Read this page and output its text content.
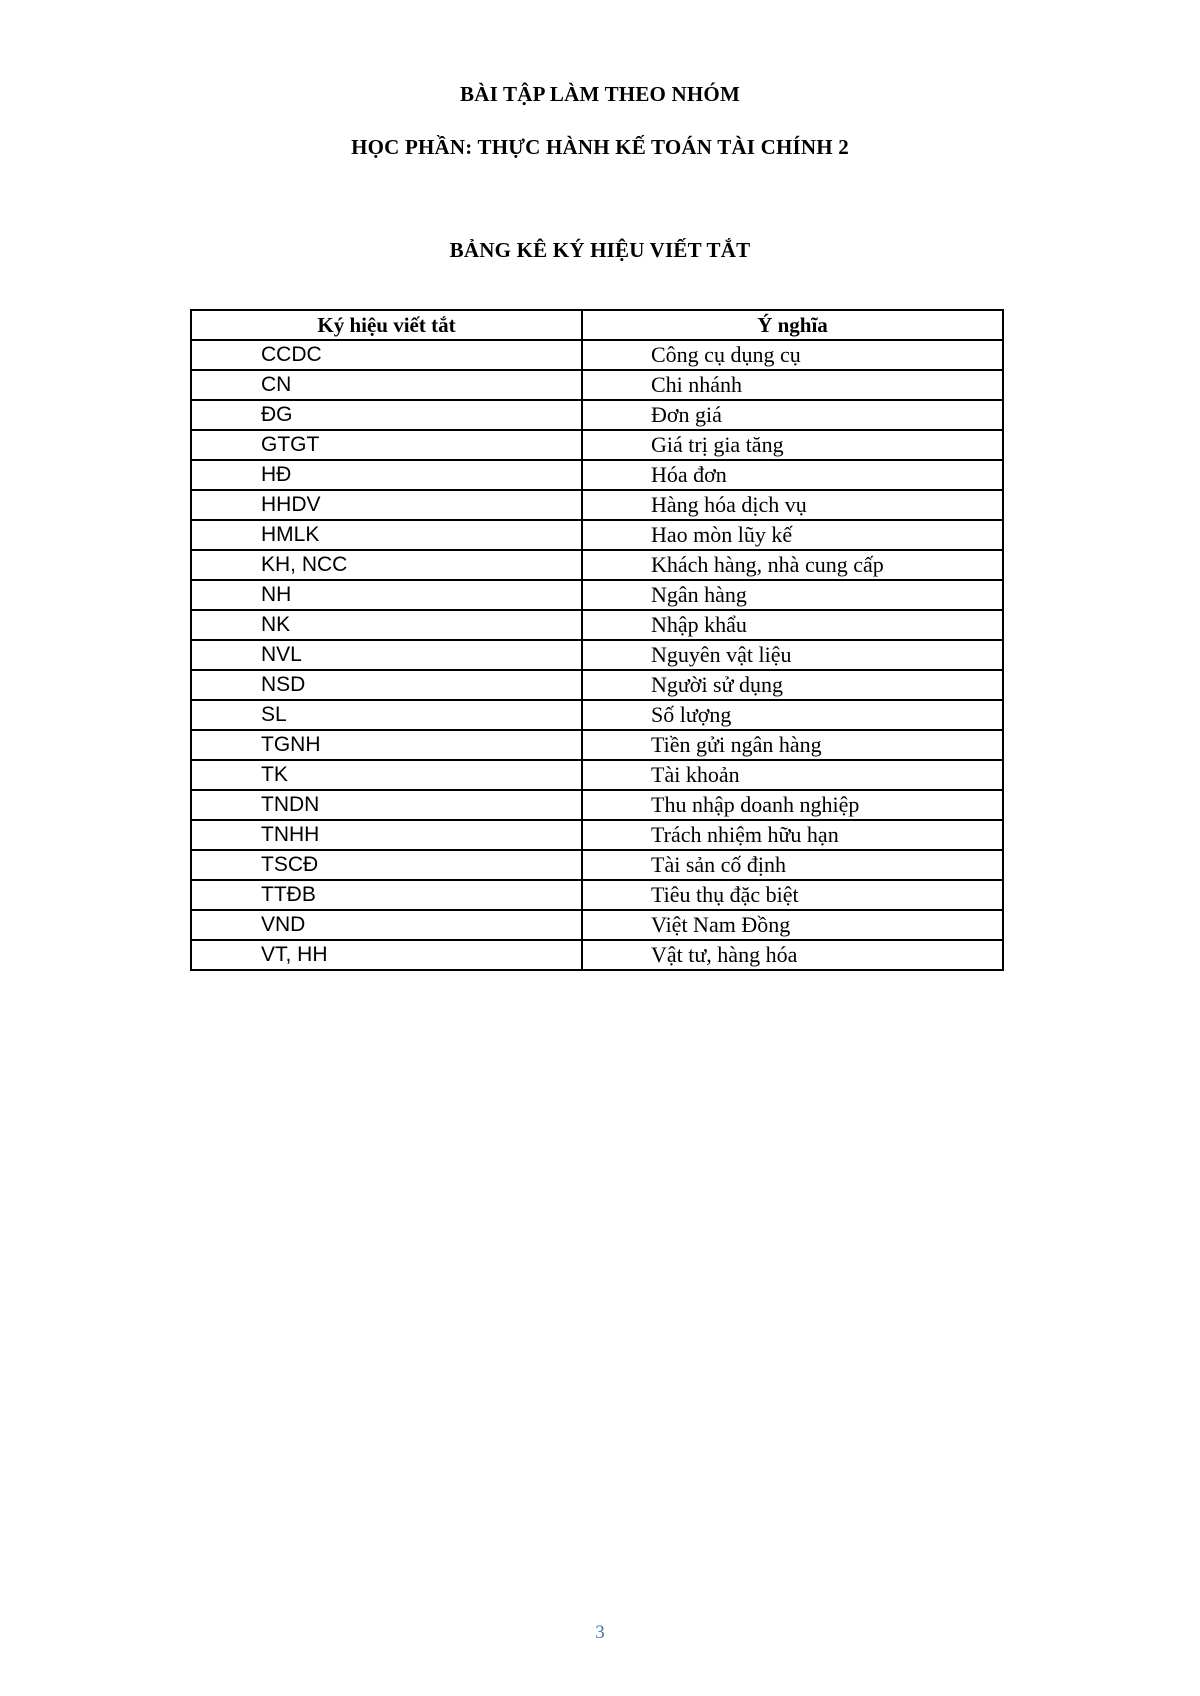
BÀI TẬP LÀM THEO NHÓM
HỌC PHẦN: THỰC HÀNH KẾ TOÁN TÀI CHÍNH 2
BẢNG KÊ KÝ HIỆU VIẾT TẮT
Ký hiệu viết tắt	Ý nghĩa
CCDC	Công cụ dụng cụ
CN	Chi nhánh
ĐG	Đơn giá
GTGT	Giá trị gia tăng
HĐ	Hóa đơn
HHDV	Hàng hóa dịch vụ
HMLK	Hao mòn lũy kế
KH, NCC	Khách hàng, nhà cung cấp
NH	Ngân hàng
NK	Nhập khẩu
NVL	Nguyên vật liệu
NSD	Người sử dụng
SL	Số lượng
TGNH	Tiền gửi ngân hàng
TK	Tài khoản
TNDN	Thu nhập doanh nghiệp
TNHH	Trách nhiệm hữu hạn
TSCĐ	Tài sản cố định
TTĐB	Tiêu thụ đặc biệt
VND	Việt Nam Đồng
VT, HH	Vật tư, hàng hóa
3
